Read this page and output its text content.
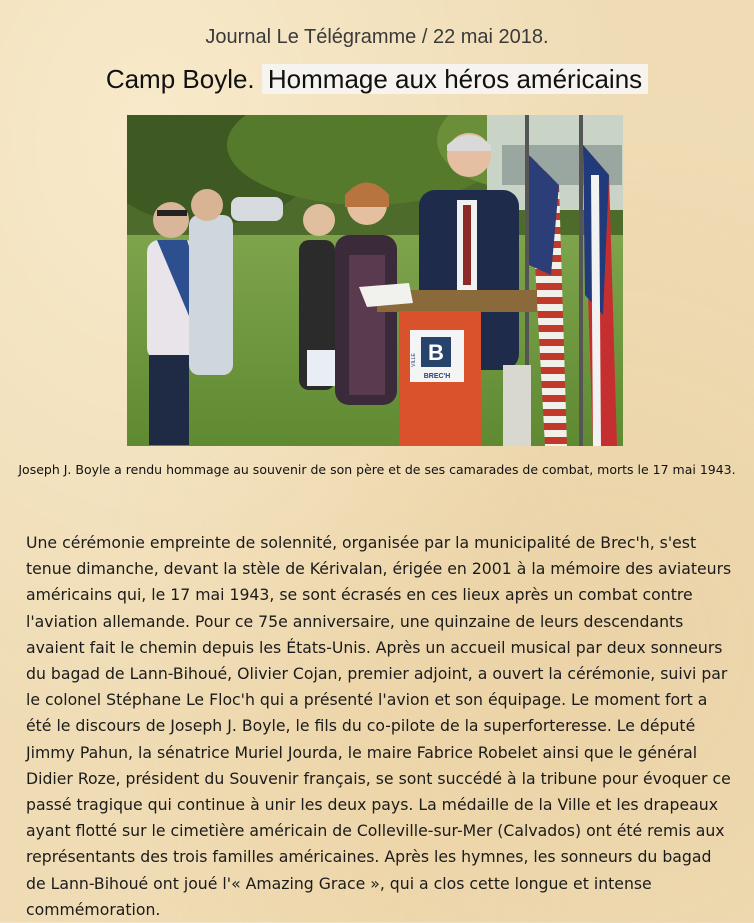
Journal Le Télégramme / 22 mai 2018.
Camp Boyle. Hommage aux héros américains
B
BREC'H
VILLE
Joseph J. Boyle a rendu hommage au souvenir de son père et de ses camarades de combat, morts le 17 mai 1943.

Une cérémonie empreinte de solennité, organisée par la municipalité de Brec'h, s'est tenue dimanche, devant la stèle de Kérivalan, érigée en 2001 à la mémoire des aviateurs américains qui, le 17 mai 1943, se sont écrasés en ces lieux après un combat contre l'aviation allemande. Pour ce 75e anniversaire, une quinzaine de leurs descendants avaient fait le chemin depuis les États-Unis. Après un accueil musical par deux sonneurs du bagad de Lann-Bihoué, Olivier Cojan, premier adjoint, a ouvert la cérémonie, suivi par le colonel Stéphane Le Floc'h qui a présenté l'avion et son équipage. Le moment fort a été le discours de Joseph J. Boyle, le fils du co-pilote de la superforteresse. Le député Jimmy Pahun, la sénatrice Muriel Jourda, le maire Fabrice Robelet ainsi que le général Didier Roze, président du Souvenir français, se sont succédé à la tribune pour évoquer ce passé tragique qui continue à unir les deux pays. La médaille de la Ville et les drapeaux ayant flotté sur le cimetière américain de Colleville-sur-Mer (Calvados) ont été remis aux représentants des trois familles américaines. Après les hymnes, les sonneurs du bagad de Lann-Bihoué ont joué l'« Amazing Grace », qui a clos cette longue et intense commémoration.
